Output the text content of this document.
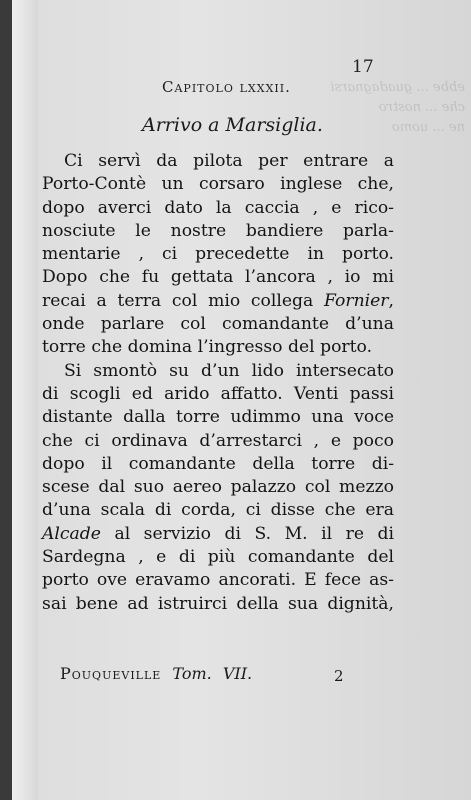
ebbe ... guadagnarsi
che ... nostro
ne ... uomo
17
Capitolo lxxxii.
Arrivo a Marsiglia.
Ci servì da pilota per entrare a
Porto-Contè un corsaro inglese che,
dopo averci dato la caccia , e rico-
nosciute le nostre bandiere parla-
mentarie , ci precedette in porto.
Dopo che fu gettata l’ancora , io mi
recai a terra col mio collega Fornier,
onde parlare col comandante d’una
torre che domina l’ingresso del porto.
Si smontò su d’un lido intersecato
di scogli ed arido affatto. Venti passi
distante dalla torre udimmo una voce
che ci ordinava d’arrestarci , e poco
dopo il comandante della torre di-
scese dal suo aereo palazzo col mezzo
d’una scala di corda, ci disse che era
Alcade al servizio di S. M. il re di
Sardegna , e di più comandante del
porto ove eravamo ancorati. E fece as-
sai bene ad istruirci della sua dignità,
Pouqueville Tom. VII.	2
